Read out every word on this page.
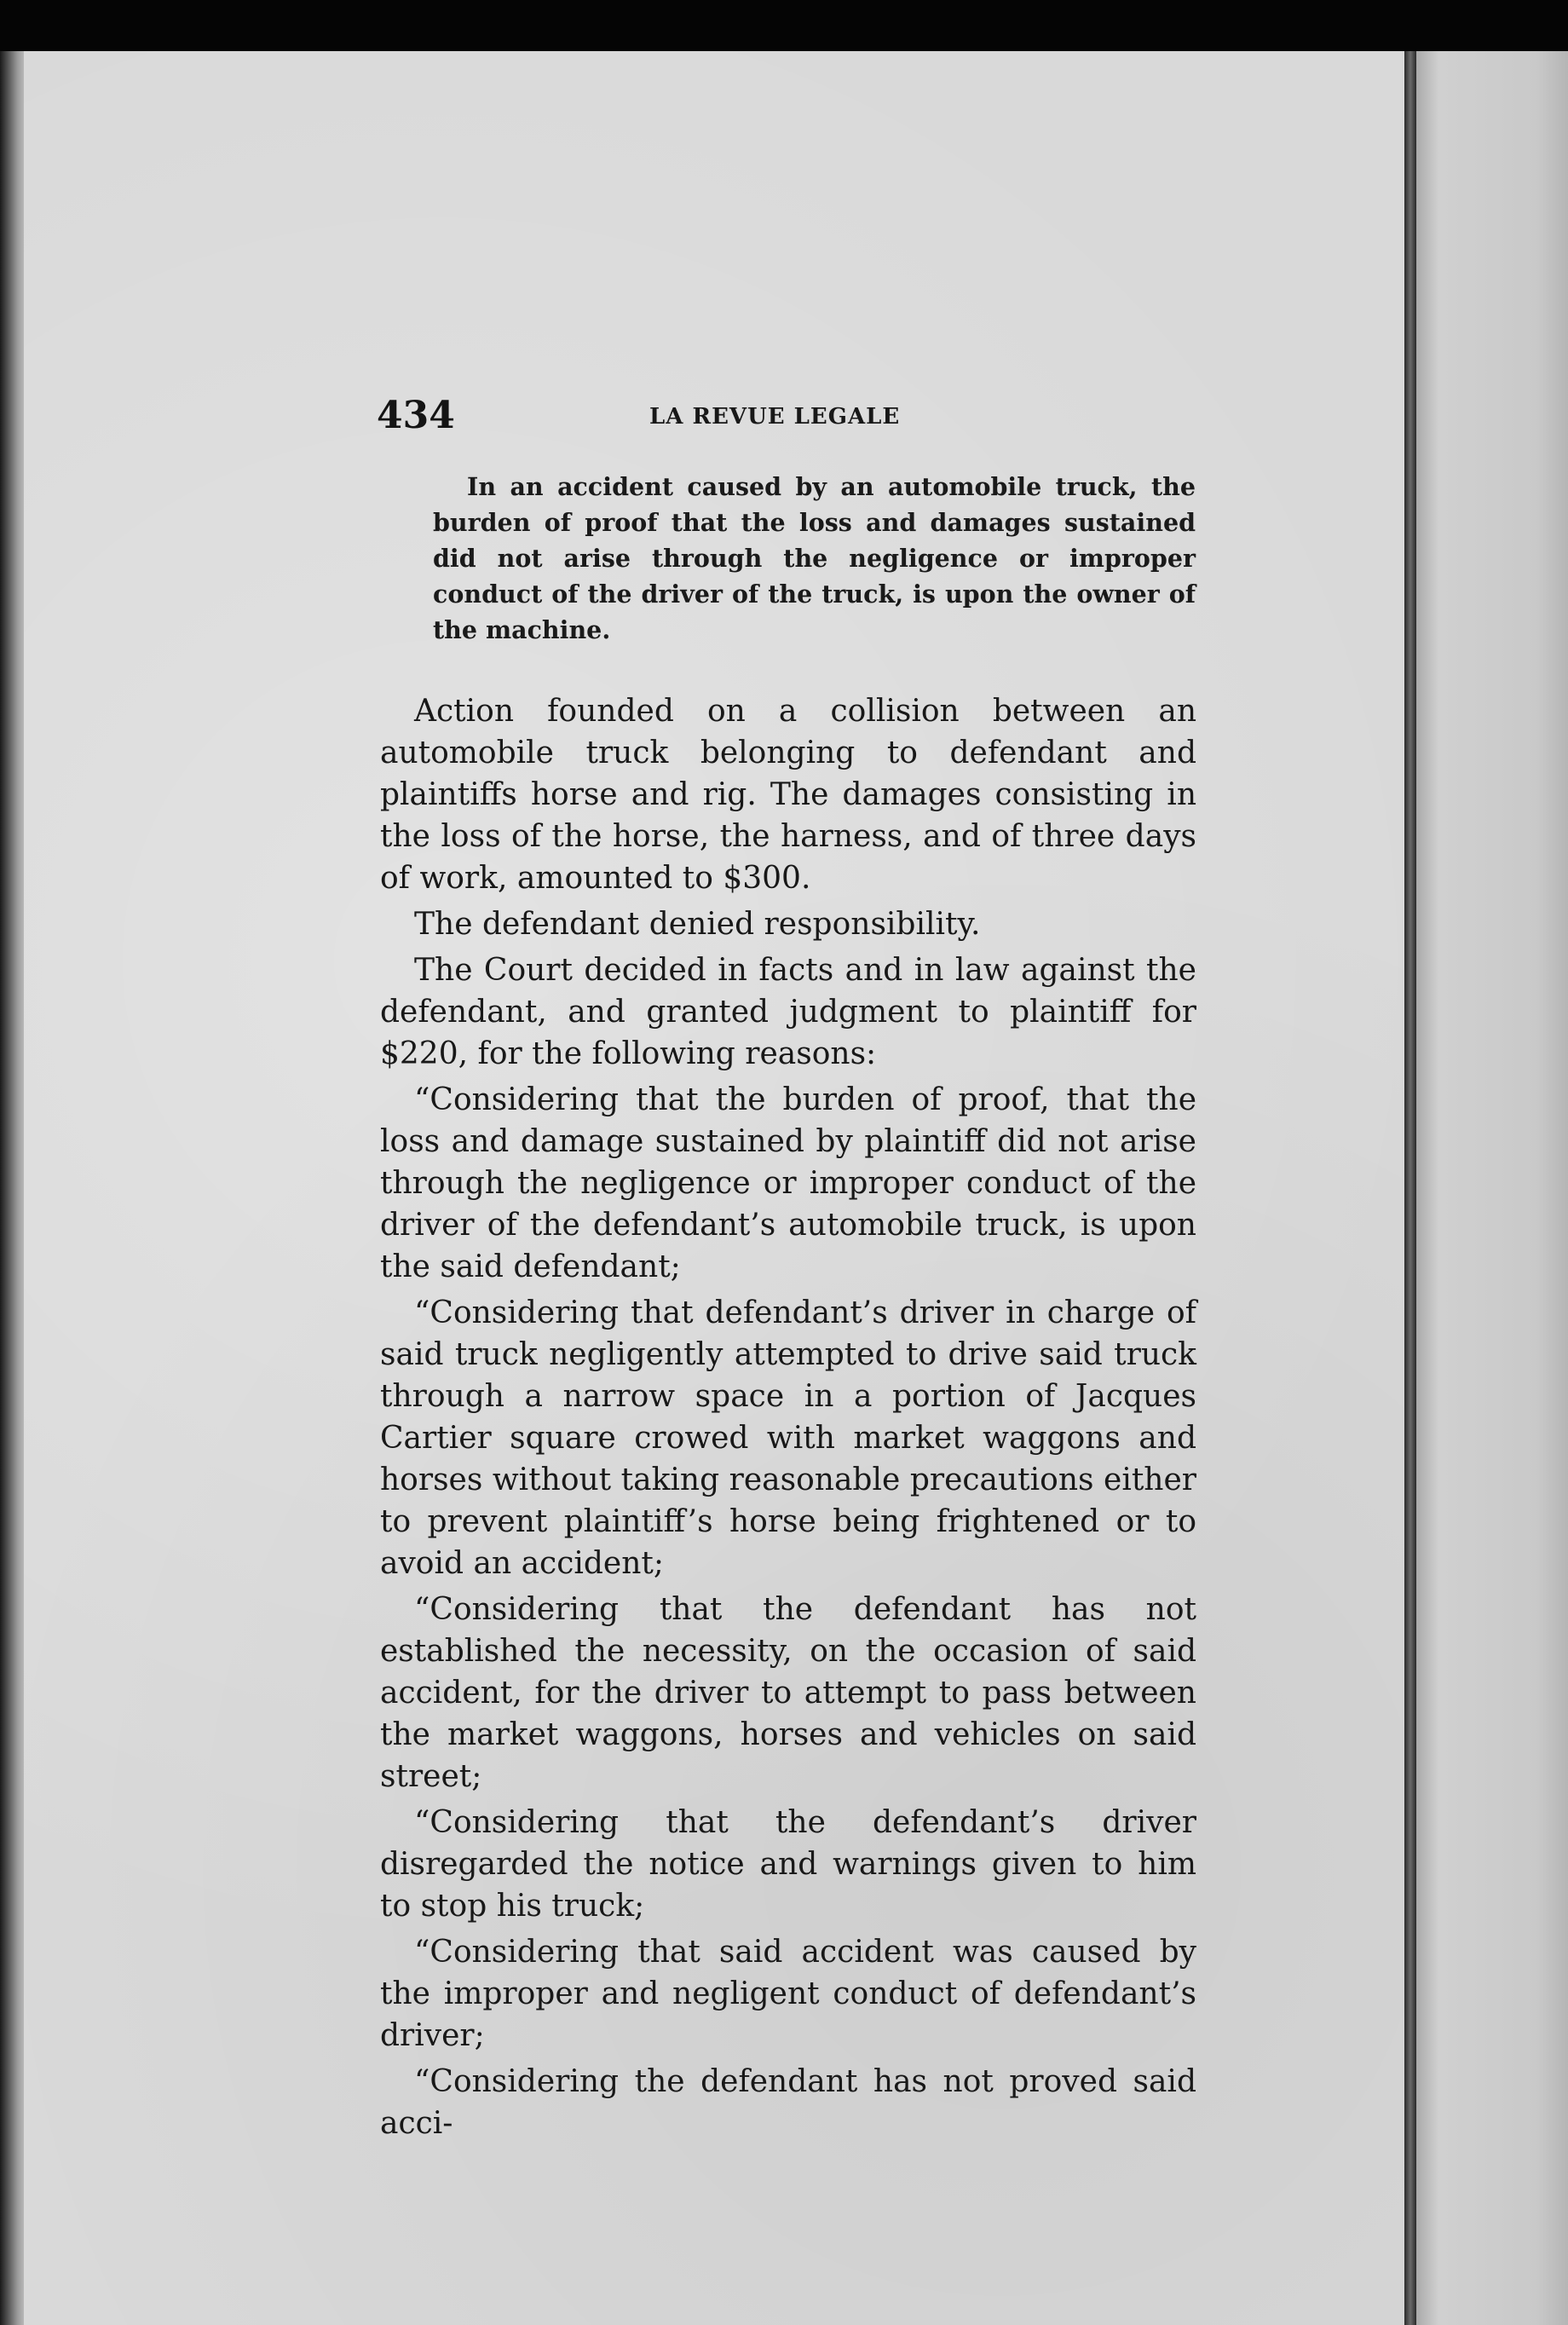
434	LA REVUE LEGALE

In an accident caused by an automobile truck, the burden of proof that the loss and damages sustained did not arise through the negligence or improper conduct of the driver of the truck, is upon the owner of the machine.

Action founded on a collision between an automobile truck belonging to defendant and plaintiffs horse and rig. The damages consisting in the loss of the horse, the harness, and of three days of work, amounted to $300.

The defendant denied responsibility.

The Court decided in facts and in law against the defendant, and granted judgment to plaintiff for $220, for the following reasons:

“Considering that the burden of proof, that the loss and damage sustained by plaintiff did not arise through the negligence or improper conduct of the driver of the defendant’s automobile truck, is upon the said defendant;

“Considering that defendant’s driver in charge of said truck negligently attempted to drive said truck through a narrow space in a portion of Jacques Cartier square crowed with market waggons and horses without taking reasonable precautions either to prevent plaintiff’s horse being frightened or to avoid an accident;

“Considering that the defendant has not established the necessity, on the occasion of said accident, for the driver to attempt to pass between the market waggons, horses and vehicles on said street;

“Considering that the defendant’s driver disregarded the notice and warnings given to him to stop his truck;

“Considering that said accident was caused by the improper and negligent conduct of defendant’s driver;

“Considering the defendant has not proved said acci-
